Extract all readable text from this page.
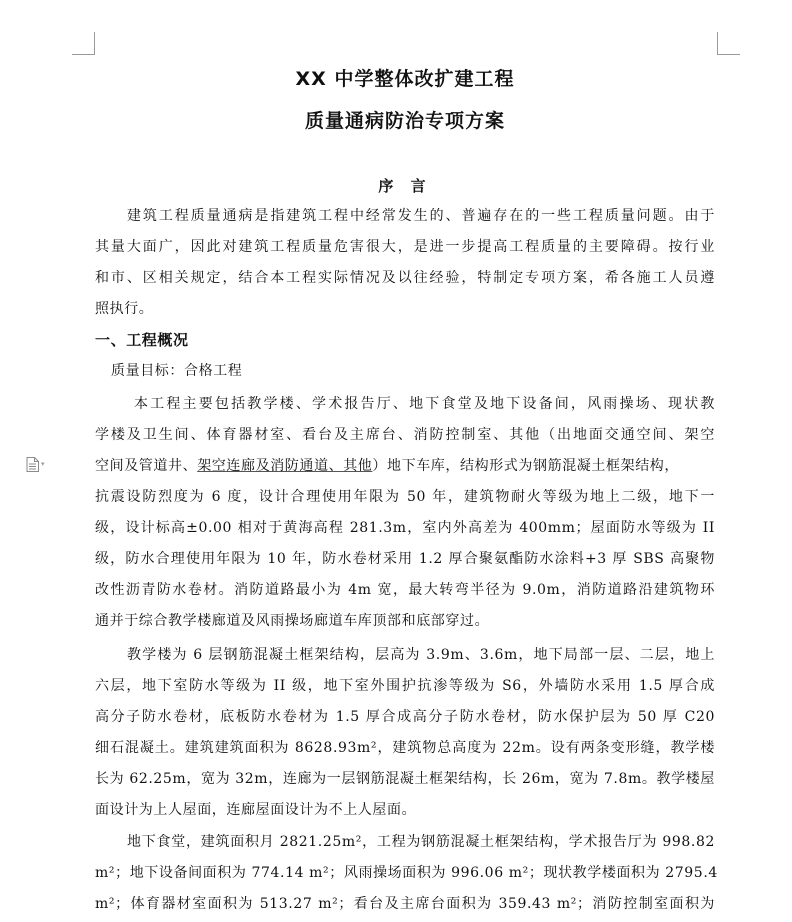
▾
XX 中学整体改扩建工程
质量通病防治专项方案
序 言
建筑工程质量通病是指建筑工程中经常发生的、普遍存在的一些工程质量问题。由于
其量大面广，因此对建筑工程质量危害很大，是进一步提高工程质量的主要障碍。按行业
和市、区相关规定，结合本工程实际情况及以往经验，特制定专项方案，希各施工人员遵
照执行。
一、工程概况
质量目标：合格工程
本工程主要包括教学楼、学术报告厅、地下食堂及地下设备间，风雨操场、现状教
学楼及卫生间、体育器材室、看台及主席台、消防控制室、其他（出地面交通空间、架空
空间及管道井、架空连廊及消防通道、其他）地下车库，结构形式为钢筋混凝土框架结构，
抗震设防烈度为 6 度，设计合理使用年限为 50 年，建筑物耐火等级为地上二级，地下一
级，设计标高±0.00 相对于黄海高程 281.3m，室内外高差为 400mm；屋面防水等级为 II
级，防水合理使用年限为 10 年，防水卷材采用 1.2 厚合聚氨酯防水涂料+3 厚 SBS 高聚物
改性沥青防水卷材。消防道路最小为 4m 宽，最大转弯半径为 9.0m，消防道路沿建筑物环
通并于综合教学楼廊道及风雨操场廊道车库顶部和底部穿过。
教学楼为 6 层钢筋混凝土框架结构，层高为 3.9m、3.6m，地下局部一层、二层，地上
六层，地下室防水等级为 II 级，地下室外围护抗渗等级为 S6，外墙防水采用 1.5 厚合成
高分子防水卷材，底板防水卷材为 1.5 厚合成高分子防水卷材，防水保护层为 50 厚 C20
细石混凝土。建筑建筑面积为 8628.93m²，建筑物总高度为 22m。设有两条变形缝，教学楼
长为 62.25m，宽为 32m，连廊为一层钢筋混凝土框架结构，长 26m，宽为 7.8m。教学楼屋
面设计为上人屋面，连廊屋面设计为不上人屋面。
地下食堂，建筑面积月 2821.25m²，工程为钢筋混凝土框架结构，学术报告厅为 998.82
m²；地下设备间面积为 774.14 m²；风雨操场面积为 996.06 m²；现状教学楼面积为 2795.4
m²；体育器材室面积为 513.27 m²；看台及主席台面积为 359.43 m²；消防控制室面积为
